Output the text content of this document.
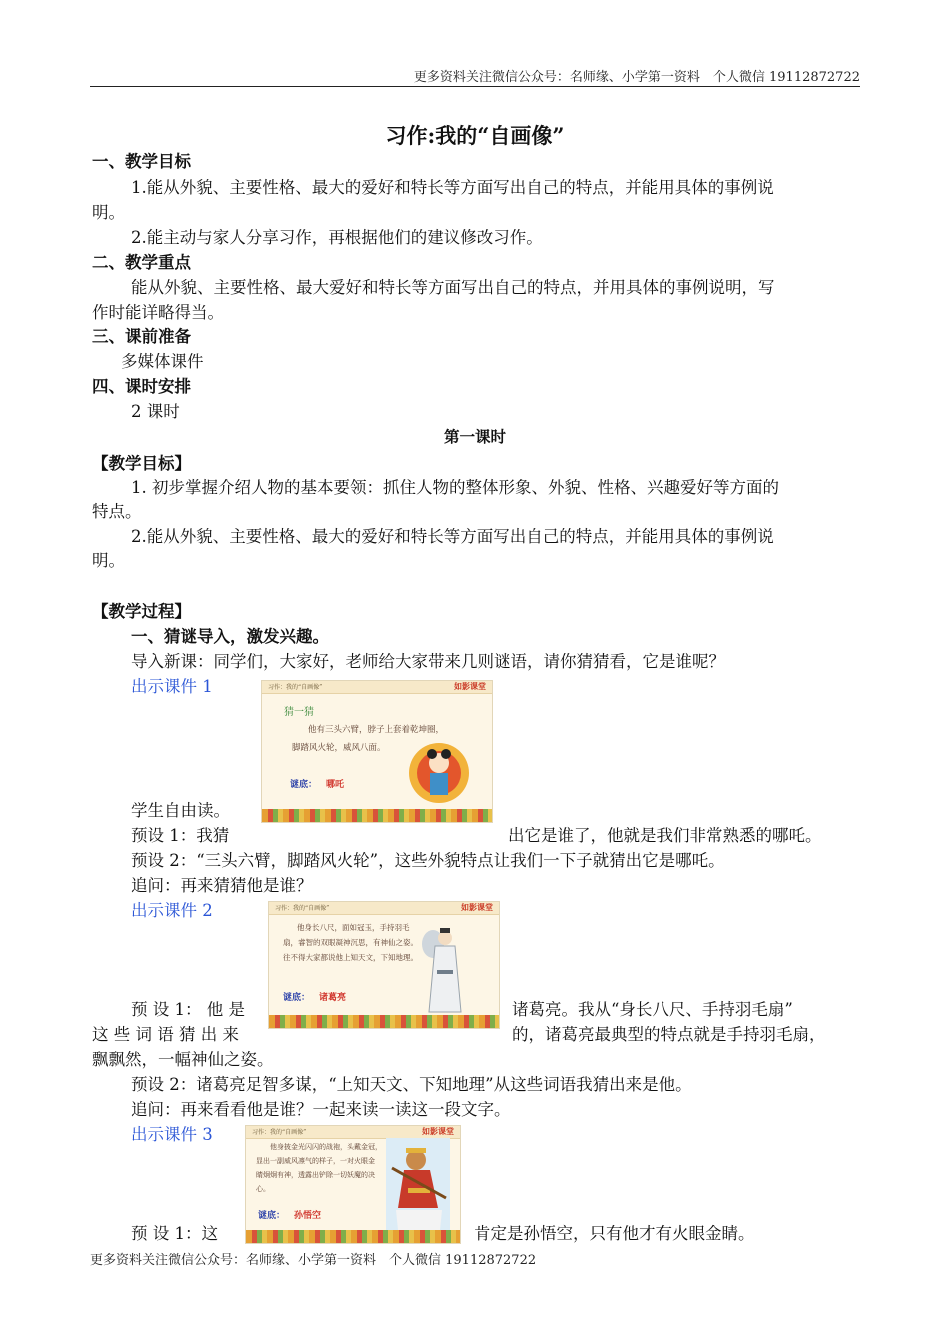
更多资料关注微信公众号：名师缘、小学第一资料　个人微信 19112872722
习作:我的“自画像”
一、教学目标
1.能从外貌、主要性格、最大的爱好和特长等方面写出自己的特点，并能用具体的事例说
明。
2.能主动与家人分享习作，再根据他们的建议修改习作。
二、教学重点
能从外貌、主要性格、最大爱好和特长等方面写出自己的特点，并用具体的事例说明，写
作时能详略得当。
三、课前准备
多媒体课件
四、课时安排
2 课时
第一课时
【教学目标】
1. 初步掌握介绍人物的基本要领：抓住人物的整体形象、外貌、性格、兴趣爱好等方面的
特点。
2.能从外貌、主要性格、最大的爱好和特长等方面写出自己的特点，并能用具体的事例说
明。
【教学过程】
一、猜谜导入，激发兴趣。
导入新课：同学们，大家好，老师给大家带来几则谜语，请你猜猜看，它是谁呢？
出示课件 1	习作：我的“自画像”	如影课堂
猜一猜
他有三头六臂，脖子上套着乾坤圈，
脚踏风火轮，威风八面。
谜底： 哪吒
学生自由读。
预设 1：我猜	出它是谁了，他就是我们非常熟悉的哪吒。
预设 2：“三头六臂，脚踏风火轮”，这些外貌特点让我们一下子就猜出它是哪吒。
追问：再来猜猜他是谁？
出示课件 2	习作：我的“自画像”	如影课堂
他身长八尺，面如冠玉，手持羽毛
扇，睿智的双眼凝神沉思，有神仙之姿。
往不得大家都说他上知天文，下知地理。
谜底： 诸葛亮
预 设 1： 他 是	诸葛亮。我从“身长八尺、手持羽毛扇”
这 些 词 语 猜 出 来	的，诸葛亮最典型的特点就是手持羽毛扇，
飘飘然，一幅神仙之姿。
预设 2：诸葛亮足智多谋，“上知天文、下知地理”从这些词语我猜出来是他。
追问：再来看看他是谁？一起来读一读这一段文字。
出示课件 3	习作：我的“自画像”	如影课堂
他身披金光闪闪的战袍，头戴金冠，
显出一副威风凛气的样子，一对火眼金
睛炯炯有神，透露出铲除一切妖魔的决
心。
谜底： 孙悟空
预 设 1：这	肯定是孙悟空，只有他才有火眼金睛。
更多资料关注微信公众号：名师缘、小学第一资料　个人微信 19112872722
